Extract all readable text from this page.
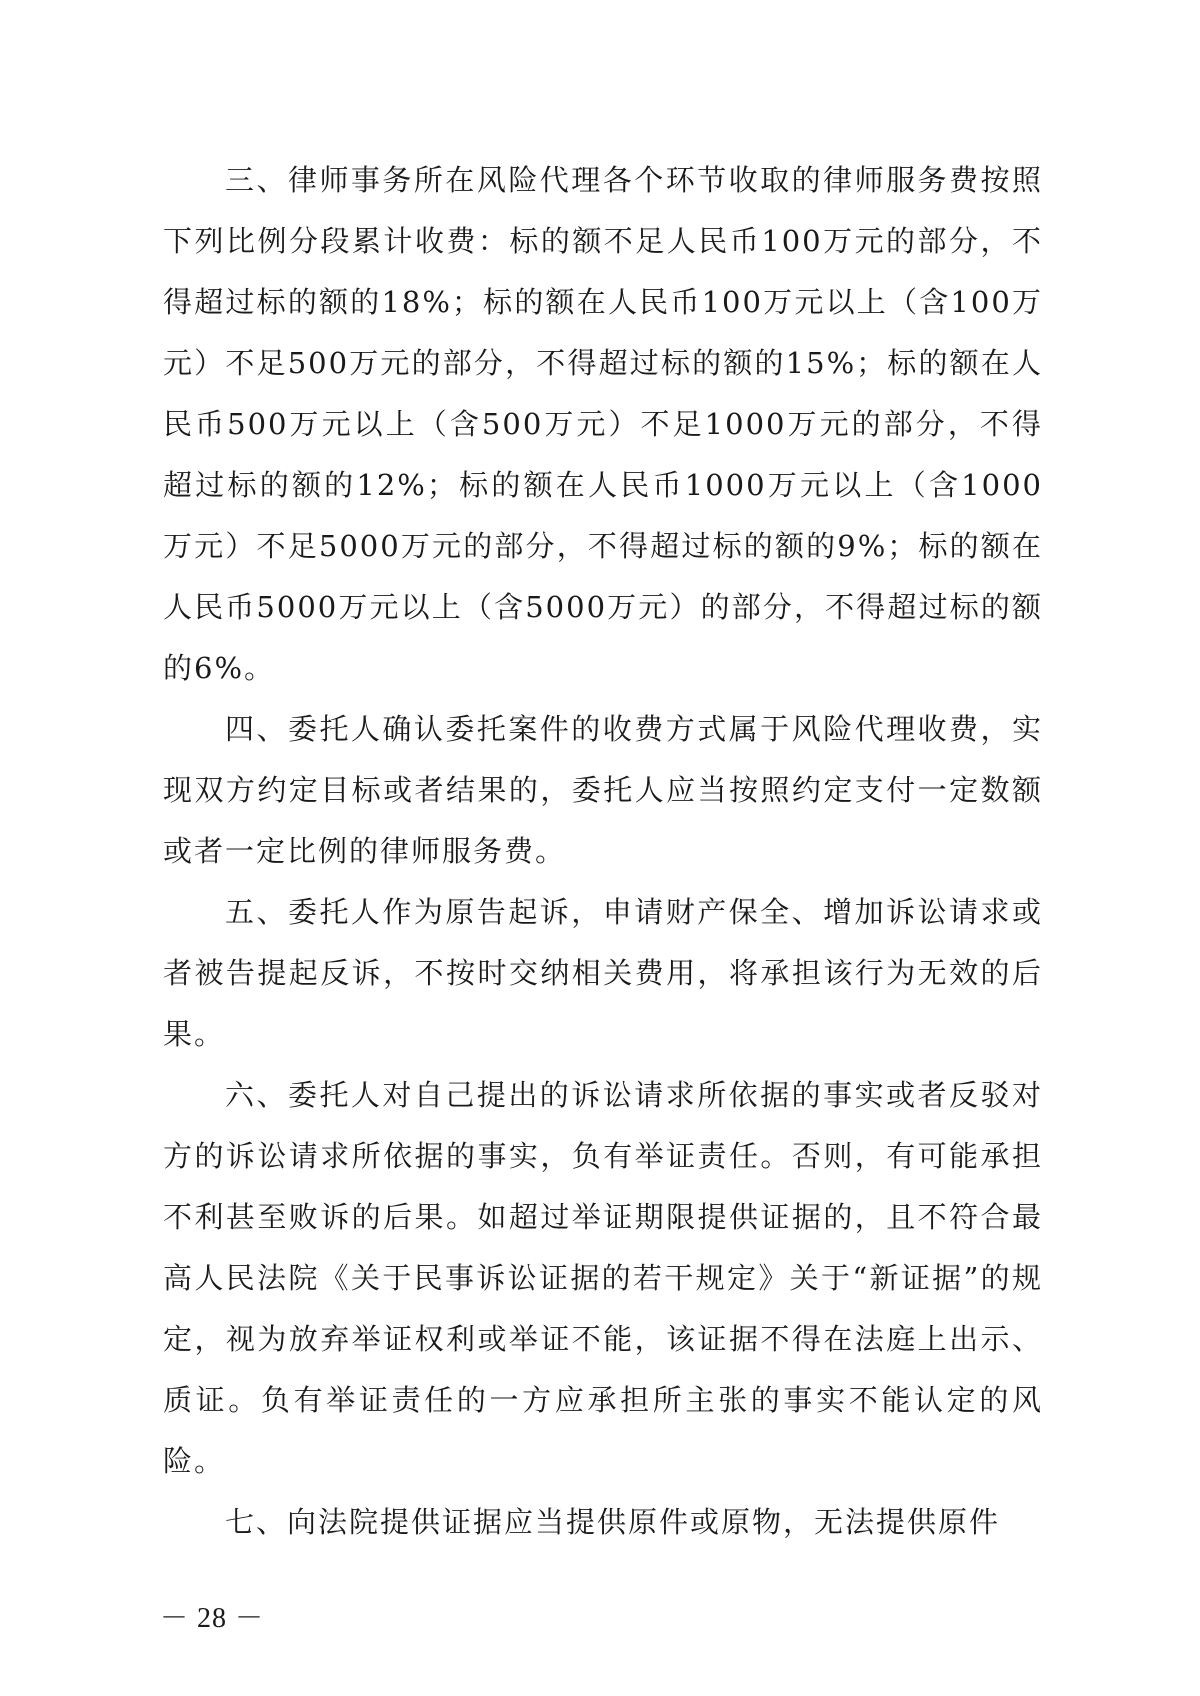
三、律师事务所在风险代理各个环节收取的律师服务费按照下列比例分段累计收费：标的额不足人民币100万元的部分，不得超过标的额的18%；标的额在人民币100万元以上（含100万元）不足500万元的部分，不得超过标的额的15%；标的额在人民币500万元以上（含500万元）不足1000万元的部分，不得超过标的额的12%；标的额在人民币1000万元以上（含1000万元）不足5000万元的部分，不得超过标的额的9%；标的额在人民币5000万元以上（含5000万元）的部分，不得超过标的额的6%。

四、委托人确认委托案件的收费方式属于风险代理收费，实现双方约定目标或者结果的，委托人应当按照约定支付一定数额或者一定比例的律师服务费。

五、委托人作为原告起诉，申请财产保全、增加诉讼请求或者被告提起反诉，不按时交纳相关费用，将承担该行为无效的后果。

六、委托人对自己提出的诉讼请求所依据的事实或者反驳对方的诉讼请求所依据的事实，负有举证责任。否则，有可能承担不利甚至败诉的后果。如超过举证期限提供证据的，且不符合最高人民法院《关于民事诉讼证据的若干规定》关于“新证据”的规定，视为放弃举证权利或举证不能，该证据不得在法庭上出示、质证。负有举证责任的一方应承担所主张的事实不能认定的风险。

七、向法院提供证据应当提供原件或原物，无法提供原件

－ 28 －
